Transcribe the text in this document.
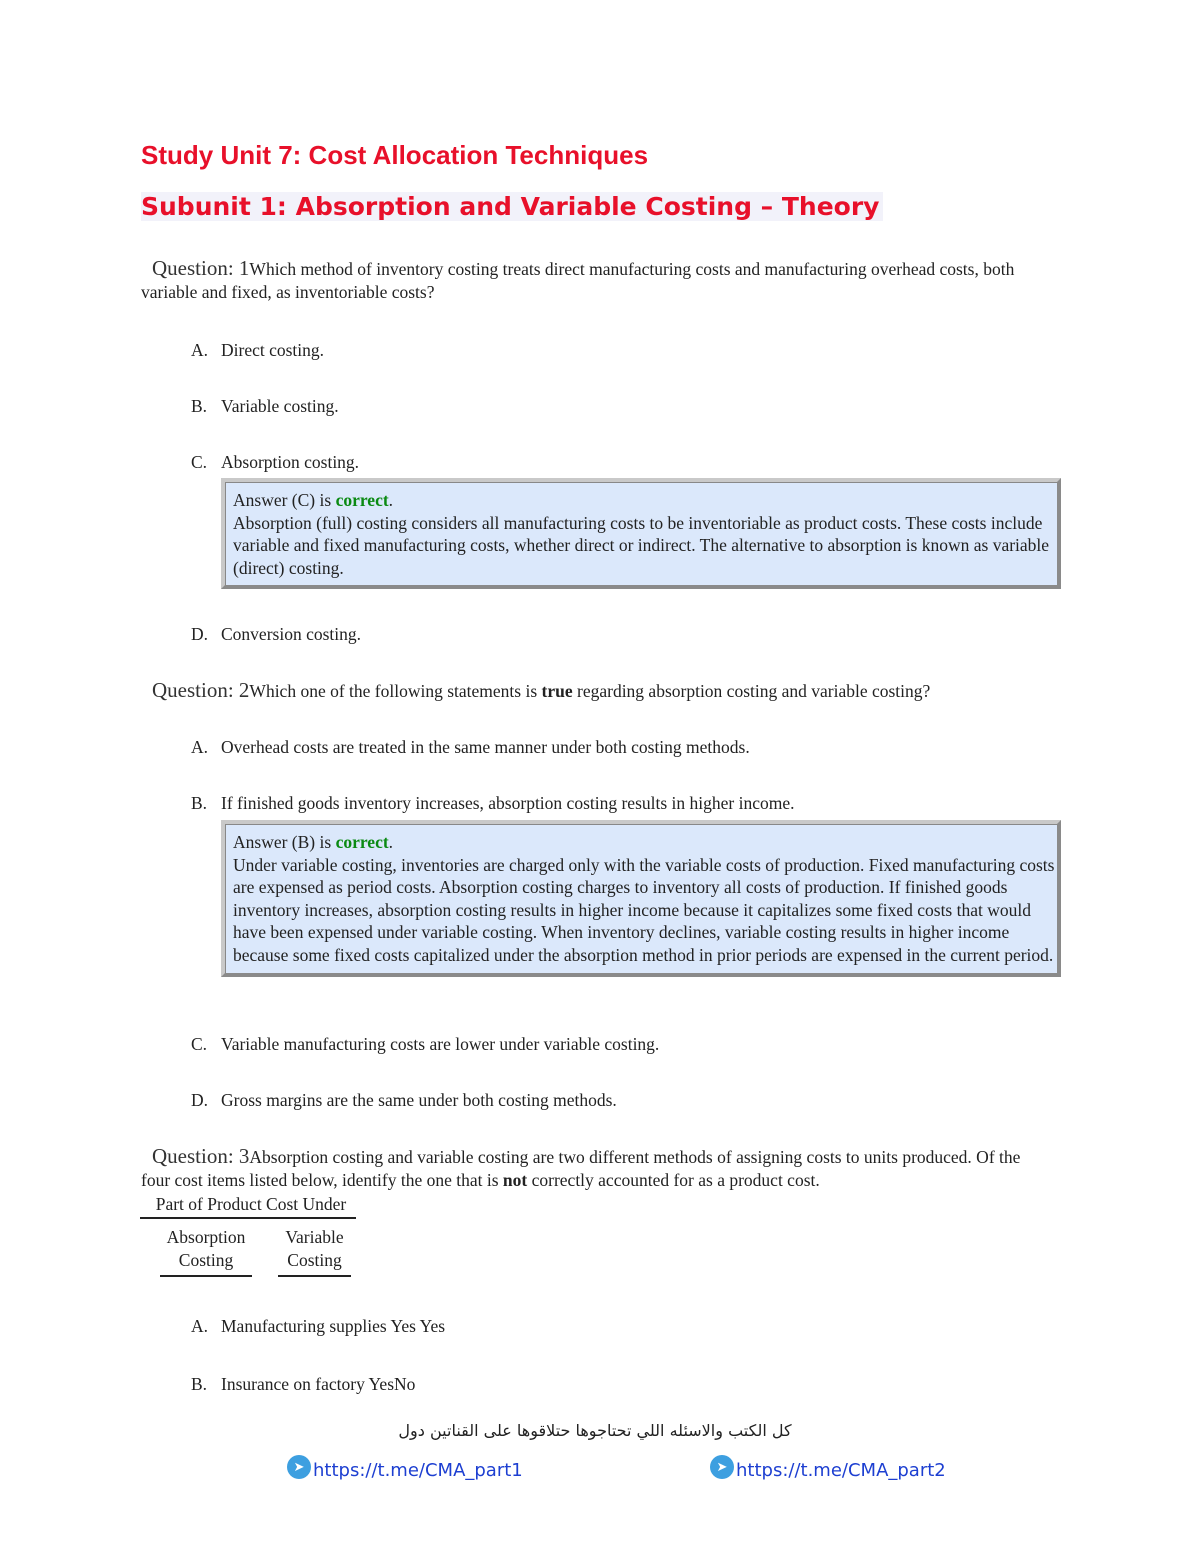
Study Unit 7: Cost Allocation Techniques
Subunit 1: Absorption and Variable Costing – Theory
Question: 1Which method of inventory costing treats direct manufacturing costs and manufacturing overhead costs, both variable and fixed, as inventoriable costs?
A. Direct costing.
B. Variable costing.
C. Absorption costing.
Answer (C) is correct.
Absorption (full) costing considers all manufacturing costs to be inventoriable as product costs. These costs include variable and fixed manufacturing costs, whether direct or indirect. The alternative to absorption is known as variable (direct) costing.
D. Conversion costing.
Question: 2Which one of the following statements is true regarding absorption costing and variable costing?
A. Overhead costs are treated in the same manner under both costing methods.
B. If finished goods inventory increases, absorption costing results in higher income.
Answer (B) is correct.
Under variable costing, inventories are charged only with the variable costs of production. Fixed manufacturing costs are expensed as period costs. Absorption costing charges to inventory all costs of production. If finished goods inventory increases, absorption costing results in higher income because it capitalizes some fixed costs that would have been expensed under variable costing. When inventory declines, variable costing results in higher income because some fixed costs capitalized under the absorption method in prior periods are expensed in the current period.
C. Variable manufacturing costs are lower under variable costing.
D. Gross margins are the same under both costing methods.
Question: 3Absorption costing and variable costing are two different methods of assigning costs to units produced. Of the four cost items listed below, identify the one that is not correctly accounted for as a product cost.
Part of Product Cost Under
Absorption
Costing
Variable
Costing
A. Manufacturing supplies Yes Yes
B. Insurance on factory YesNo
كل الكتب والاسئله اللي تحتاجوها حتلاقوها على القناتين دول
➤ https://t.me/CMA_part1	➤ https://t.me/CMA_part2
